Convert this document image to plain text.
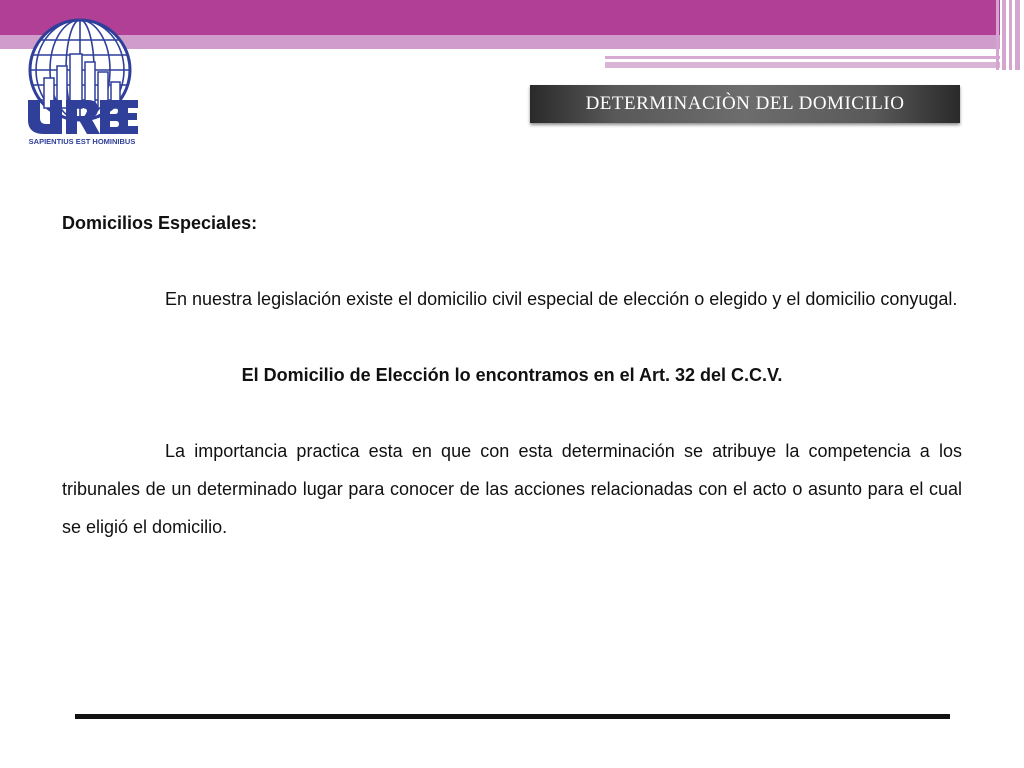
SAPIENTIUS EST HOMINIBUS
DETERMINACIÒN DEL DOMICILIO

Domicilios Especiales:

En nuestra legislación existe el domicilio civil especial de elección o elegido y el domicilio conyugal.

El Domicilio de Elección lo encontramos en el Art. 32 del C.C.V.

La importancia practica esta en que con esta determinación se atribuye la competencia a los tribunales de un determinado lugar para conocer de las acciones relacionadas con el acto o asunto para el cual se eligió el domicilio.
